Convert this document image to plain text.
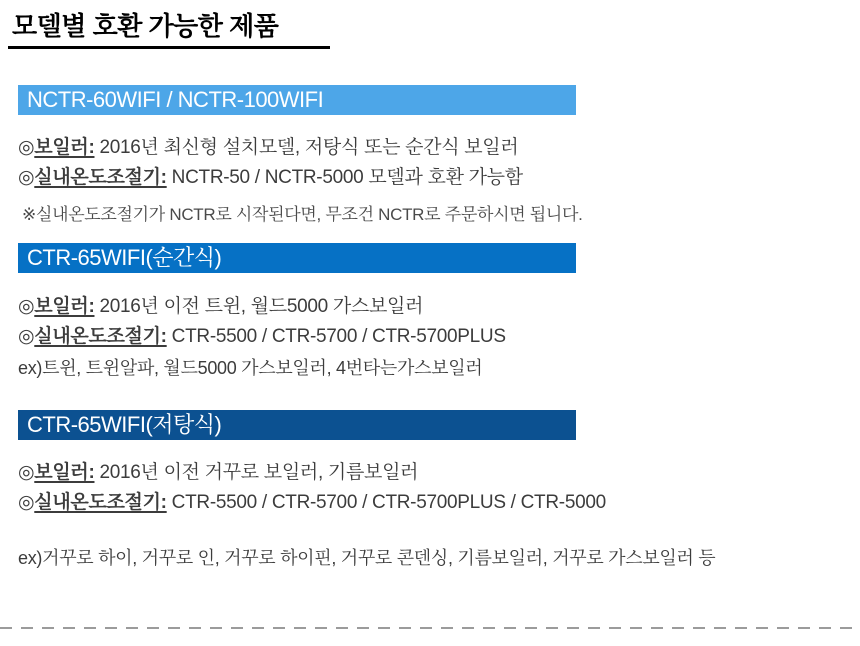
모델별 호환 가능한 제품
NCTR-60WIFI / NCTR-100WIFI
◎보일러: 2016년 최신형 설치모델, 저탕식 또는 순간식 보일러
◎실내온도조절기: NCTR-50 / NCTR-5000 모델과 호환 가능함
※실내온도조절기가 NCTR로 시작된다면, 무조건 NCTR로 주문하시면 됩니다.
CTR-65WIFI(순간식)
◎보일러: 2016년 이전 트윈, 월드5000 가스보일러
◎실내온도조절기: CTR-5500 / CTR-5700 / CTR-5700PLUS
ex)트윈, 트윈알파, 월드5000 가스보일러, 4번타는가스보일러
CTR-65WIFI(저탕식)
◎보일러: 2016년 이전 거꾸로 보일러, 기름보일러
◎실내온도조절기: CTR-5500 / CTR-5700 / CTR-5700PLUS / CTR-5000
ex)거꾸로 하이, 거꾸로 인, 거꾸로 하이핀, 거꾸로 콘덴싱, 기름보일러, 거꾸로 가스보일러 등
